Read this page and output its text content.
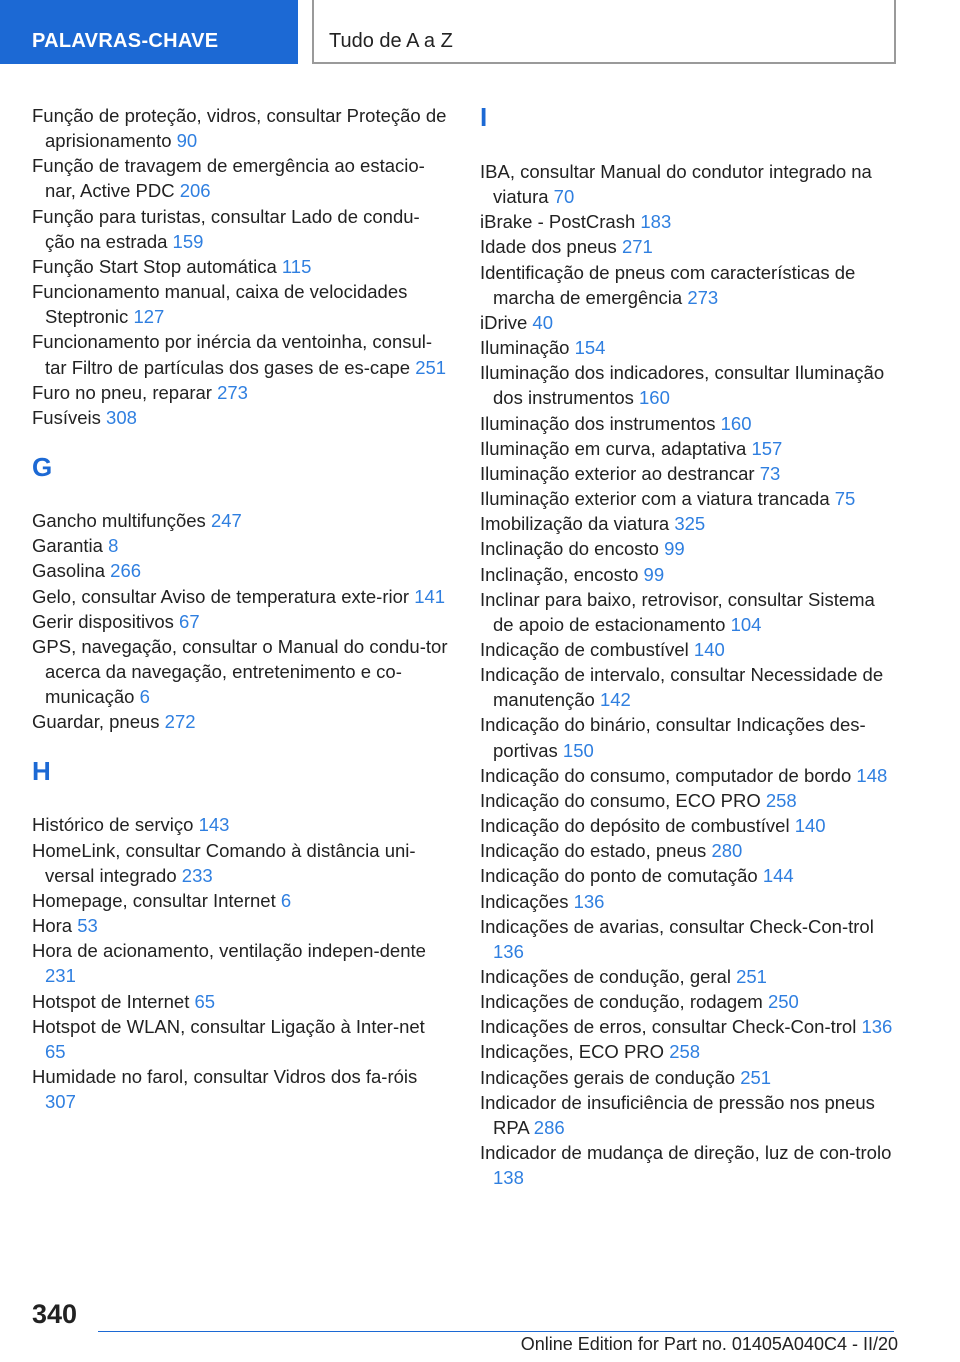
PALAVRAS-CHAVE	Tudo de A a Z
Função de proteção, vidros, consultar Proteção de aprisionamento 90
Função de travagem de emergência ao estacio-nar, Active PDC 206
Função para turistas, consultar Lado de condu-ção na estrada 159
Função Start Stop automática 115
Funcionamento manual, caixa de velocidades Steptronic 127
Funcionamento por inércia da ventoinha, consul-tar Filtro de partículas dos gases de es-cape 251
Furo no pneu, reparar 273
Fusíveis 308
G
Gancho multifunções 247
Garantia 8
Gasolina 266
Gelo, consultar Aviso de temperatura exte-rior 141
Gerir dispositivos 67
GPS, navegação, consultar o Manual do condu-tor acerca da navegação, entretenimento e co-municação 6
Guardar, pneus 272
H
Histórico de serviço 143
HomeLink, consultar Comando à distância uni-versal integrado 233
Homepage, consultar Internet 6
Hora 53
Hora de acionamento, ventilação indepen-dente 231
Hotspot de Internet 65
Hotspot de WLAN, consultar Ligação à Inter-net 65
Humidade no farol, consultar Vidros dos fa-róis 307
I
IBA, consultar Manual do condutor integrado na viatura 70
iBrake - PostCrash 183
Idade dos pneus 271
Identificação de pneus com características de marcha de emergência 273
iDrive 40
Iluminação 154
Iluminação dos indicadores, consultar Iluminação dos instrumentos 160
Iluminação dos instrumentos 160
Iluminação em curva, adaptativa 157
Iluminação exterior ao destrancar 73
Iluminação exterior com a viatura trancada 75
Imobilização da viatura 325
Inclinação do encosto 99
Inclinação, encosto 99
Inclinar para baixo, retrovisor, consultar Sistema de apoio de estacionamento 104
Indicação de combustível 140
Indicação de intervalo, consultar Necessidade de manutenção 142
Indicação do binário, consultar Indicações des-portivas 150
Indicação do consumo, computador de bordo 148
Indicação do consumo, ECO PRO 258
Indicação do depósito de combustível 140
Indicação do estado, pneus 280
Indicação do ponto de comutação 144
Indicações 136
Indicações de avarias, consultar Check-Con-trol 136
Indicações de condução, geral 251
Indicações de condução, rodagem 250
Indicações de erros, consultar Check-Con-trol 136
Indicações, ECO PRO 258
Indicações gerais de condução 251
Indicador de insuficiência de pressão nos pneus RPA 286
Indicador de mudança de direção, luz de con-trolo 138
340
Online Edition for Part no. 01405A040C4 - II/20
